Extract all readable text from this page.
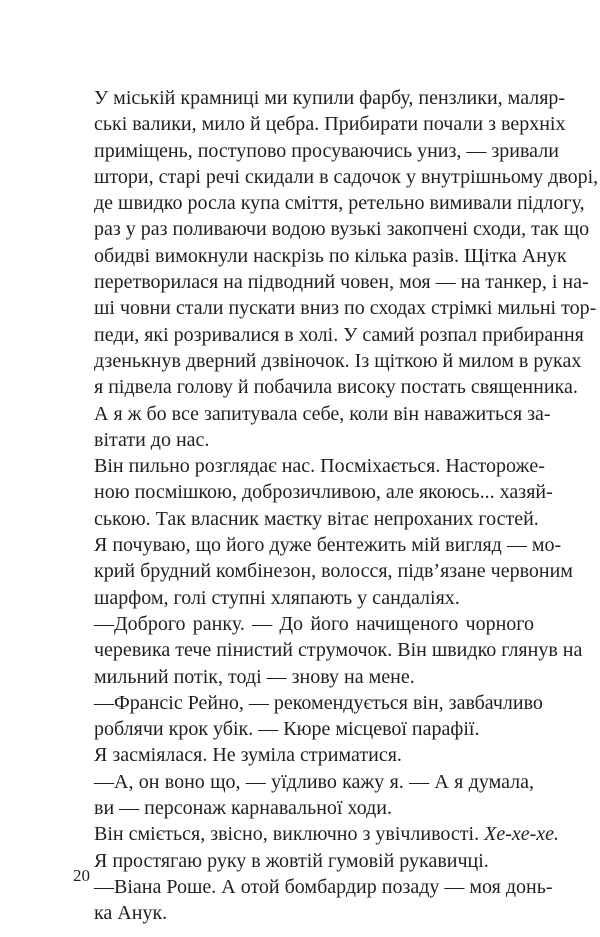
У міській крамниці ми купили фарбу, пензлики, маляр-
ські валики, мило й цебра. Прибирати почали з верхніх
приміщень, поступово просуваючись униз, — зривали
штори, старі речі скидали в садочок у внутрішньому дворі,
де швидко росла купа сміття, ретельно вимивали підлогу,
раз у раз поливаючи водою вузькі закопчені сходи, так що
обидві вимокнули наскрізь по кілька разів. Щітка Анук
перетворилася на підводний човен, моя — на танкер, і на-
ші човни стали пускати вниз по сходах стрімкі мильні тор-
педи, які розривалися в холі. У самий розпал прибирання
дзенькнув дверний дзвіночок. Із щіткою й милом в руках
я підвела голову й побачила високу постать священника.

А я ж бо все запитувала себе, коли він наважиться за-
вітати до нас.

Він пильно розглядає нас. Посміхається. Насторожe-
ною посмішкою, доброзичливою, але якоюсь... хазяй-
ською. Так власник маєтку вітає непроханих гостей.
Я почуваю, що його дуже бентежить мій вигляд — мо-
крий брудний комбінезон, волосся, підв’язане червоним
шарфом, голі ступні хляпають у сандаліях.

—Доброго ранку. — До його начищеного чорного
черевика тече пінистий струмочок. Він швидко глянув на
мильний потік, тоді — знову на мене.

—Франсіс Рейно, — рекомендується він, завбачливо
роблячи крок убік. — Кюре місцевої парафії.

Я засміялася. Не зуміла стриматися.

—А, он воно що, — уїдливо кажу я. — А я думала,
ви — персонаж карнавальної ходи.

Він сміється, звісно, виключно з увічливості. Хе-хе-хе.
Я простягаю руку в жовтій гумовій рукавичці.

—Віана Роше. А отой бомбардир позаду — моя донь-
ка Анук.

20
